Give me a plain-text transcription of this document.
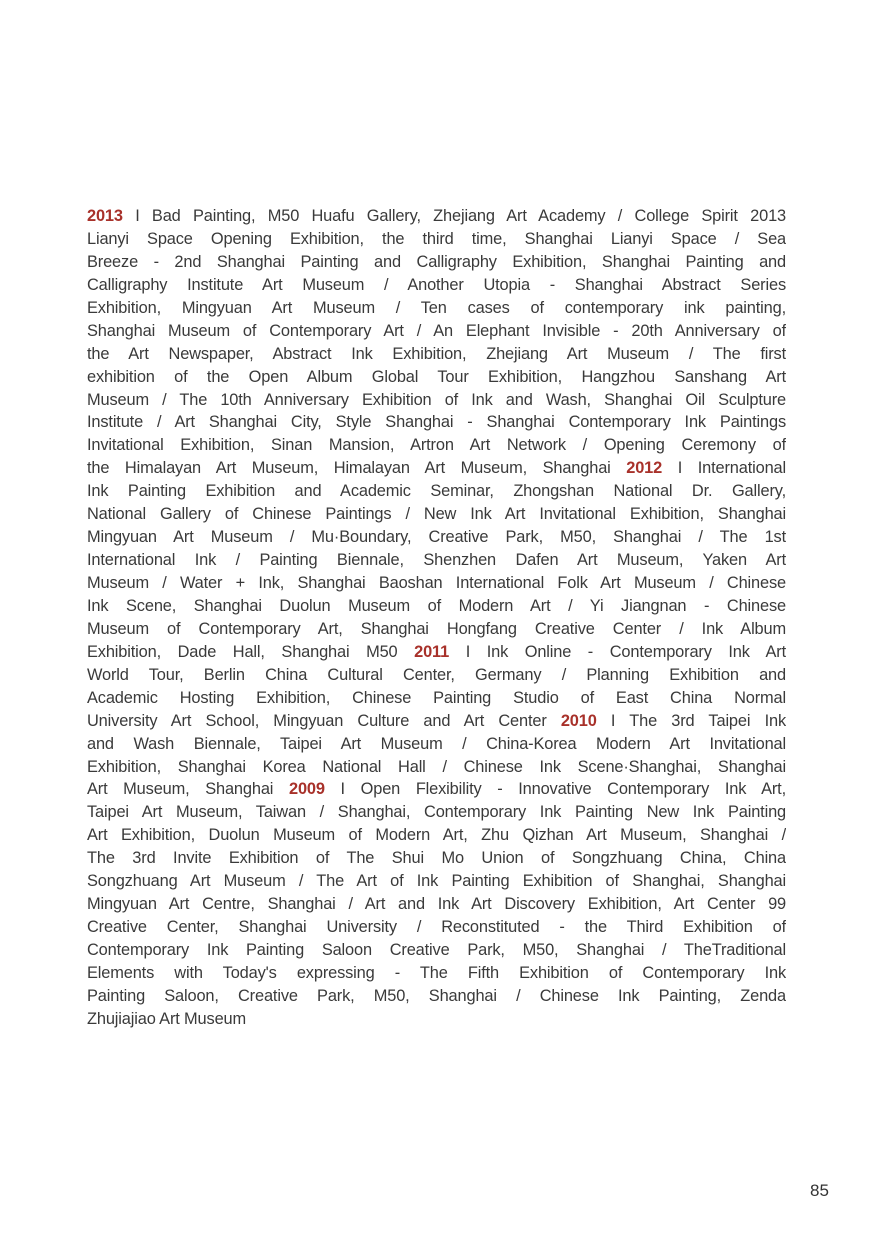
2013 I Bad Painting, M50 Huafu Gallery, Zhejiang Art Academy / College Spirit 2013
Lianyi Space Opening Exhibition, the third time, Shanghai Lianyi Space / Sea
Breeze - 2nd Shanghai Painting and Calligraphy Exhibition, Shanghai Painting and
Calligraphy Institute Art Museum / Another Utopia - Shanghai Abstract Series
Exhibition, Mingyuan Art Museum / Ten cases of contemporary ink painting,
Shanghai Museum of Contemporary Art / An Elephant Invisible - 20th Anniversary of
the Art Newspaper, Abstract Ink Exhibition, Zhejiang Art Museum / The first
exhibition of the Open Album Global Tour Exhibition, Hangzhou Sanshang Art
Museum / The 10th Anniversary Exhibition of Ink and Wash, Shanghai Oil Sculpture
Institute / Art Shanghai City, Style Shanghai - Shanghai Contemporary Ink Paintings
Invitational Exhibition, Sinan Mansion, Artron Art Network / Opening Ceremony of
the Himalayan Art Museum, Himalayan Art Museum, Shanghai 2012 I International
Ink Painting Exhibition and Academic Seminar, Zhongshan National Dr. Gallery,
National Gallery of Chinese Paintings / New Ink Art Invitational Exhibition, Shanghai
Mingyuan Art Museum / Mu·Boundary, Creative Park, M50, Shanghai / The 1st
International Ink / Painting Biennale, Shenzhen Dafen Art Museum, Yaken Art
Museum / Water + Ink, Shanghai Baoshan International Folk Art Museum / Chinese
Ink Scene, Shanghai Duolun Museum of Modern Art / Yi Jiangnan - Chinese
Museum of Contemporary Art, Shanghai Hongfang Creative Center / Ink Album
Exhibition, Dade Hall, Shanghai M50 2011 I Ink Online - Contemporary Ink Art
World Tour, Berlin China Cultural Center, Germany / Planning Exhibition and
Academic Hosting Exhibition, Chinese Painting Studio of East China Normal
University Art School, Mingyuan Culture and Art Center 2010 I The 3rd Taipei Ink
and Wash Biennale, Taipei Art Museum / China-Korea Modern Art Invitational
Exhibition, Shanghai Korea National Hall / Chinese Ink Scene·Shanghai, Shanghai
Art Museum, Shanghai 2009 I Open Flexibility - Innovative Contemporary Ink Art,
Taipei Art Museum, Taiwan / Shanghai, Contemporary Ink Painting New Ink Painting
Art Exhibition, Duolun Museum of Modern Art, Zhu Qizhan Art Museum, Shanghai /
The 3rd Invite Exhibition of The Shui Mo Union of Songzhuang China, China
Songzhuang Art Museum / The Art of Ink Painting Exhibition of Shanghai, Shanghai
Mingyuan Art Centre, Shanghai / Art and Ink Art Discovery Exhibition, Art Center 99
Creative Center, Shanghai University / Reconstituted - the Third Exhibition of
Contemporary Ink Painting Saloon Creative Park, M50, Shanghai / TheTraditional
Elements with Today's expressing - The Fifth Exhibition of Contemporary Ink
Painting Saloon, Creative Park, M50, Shanghai / Chinese Ink Painting, Zenda
Zhujiajiao Art Museum
85
